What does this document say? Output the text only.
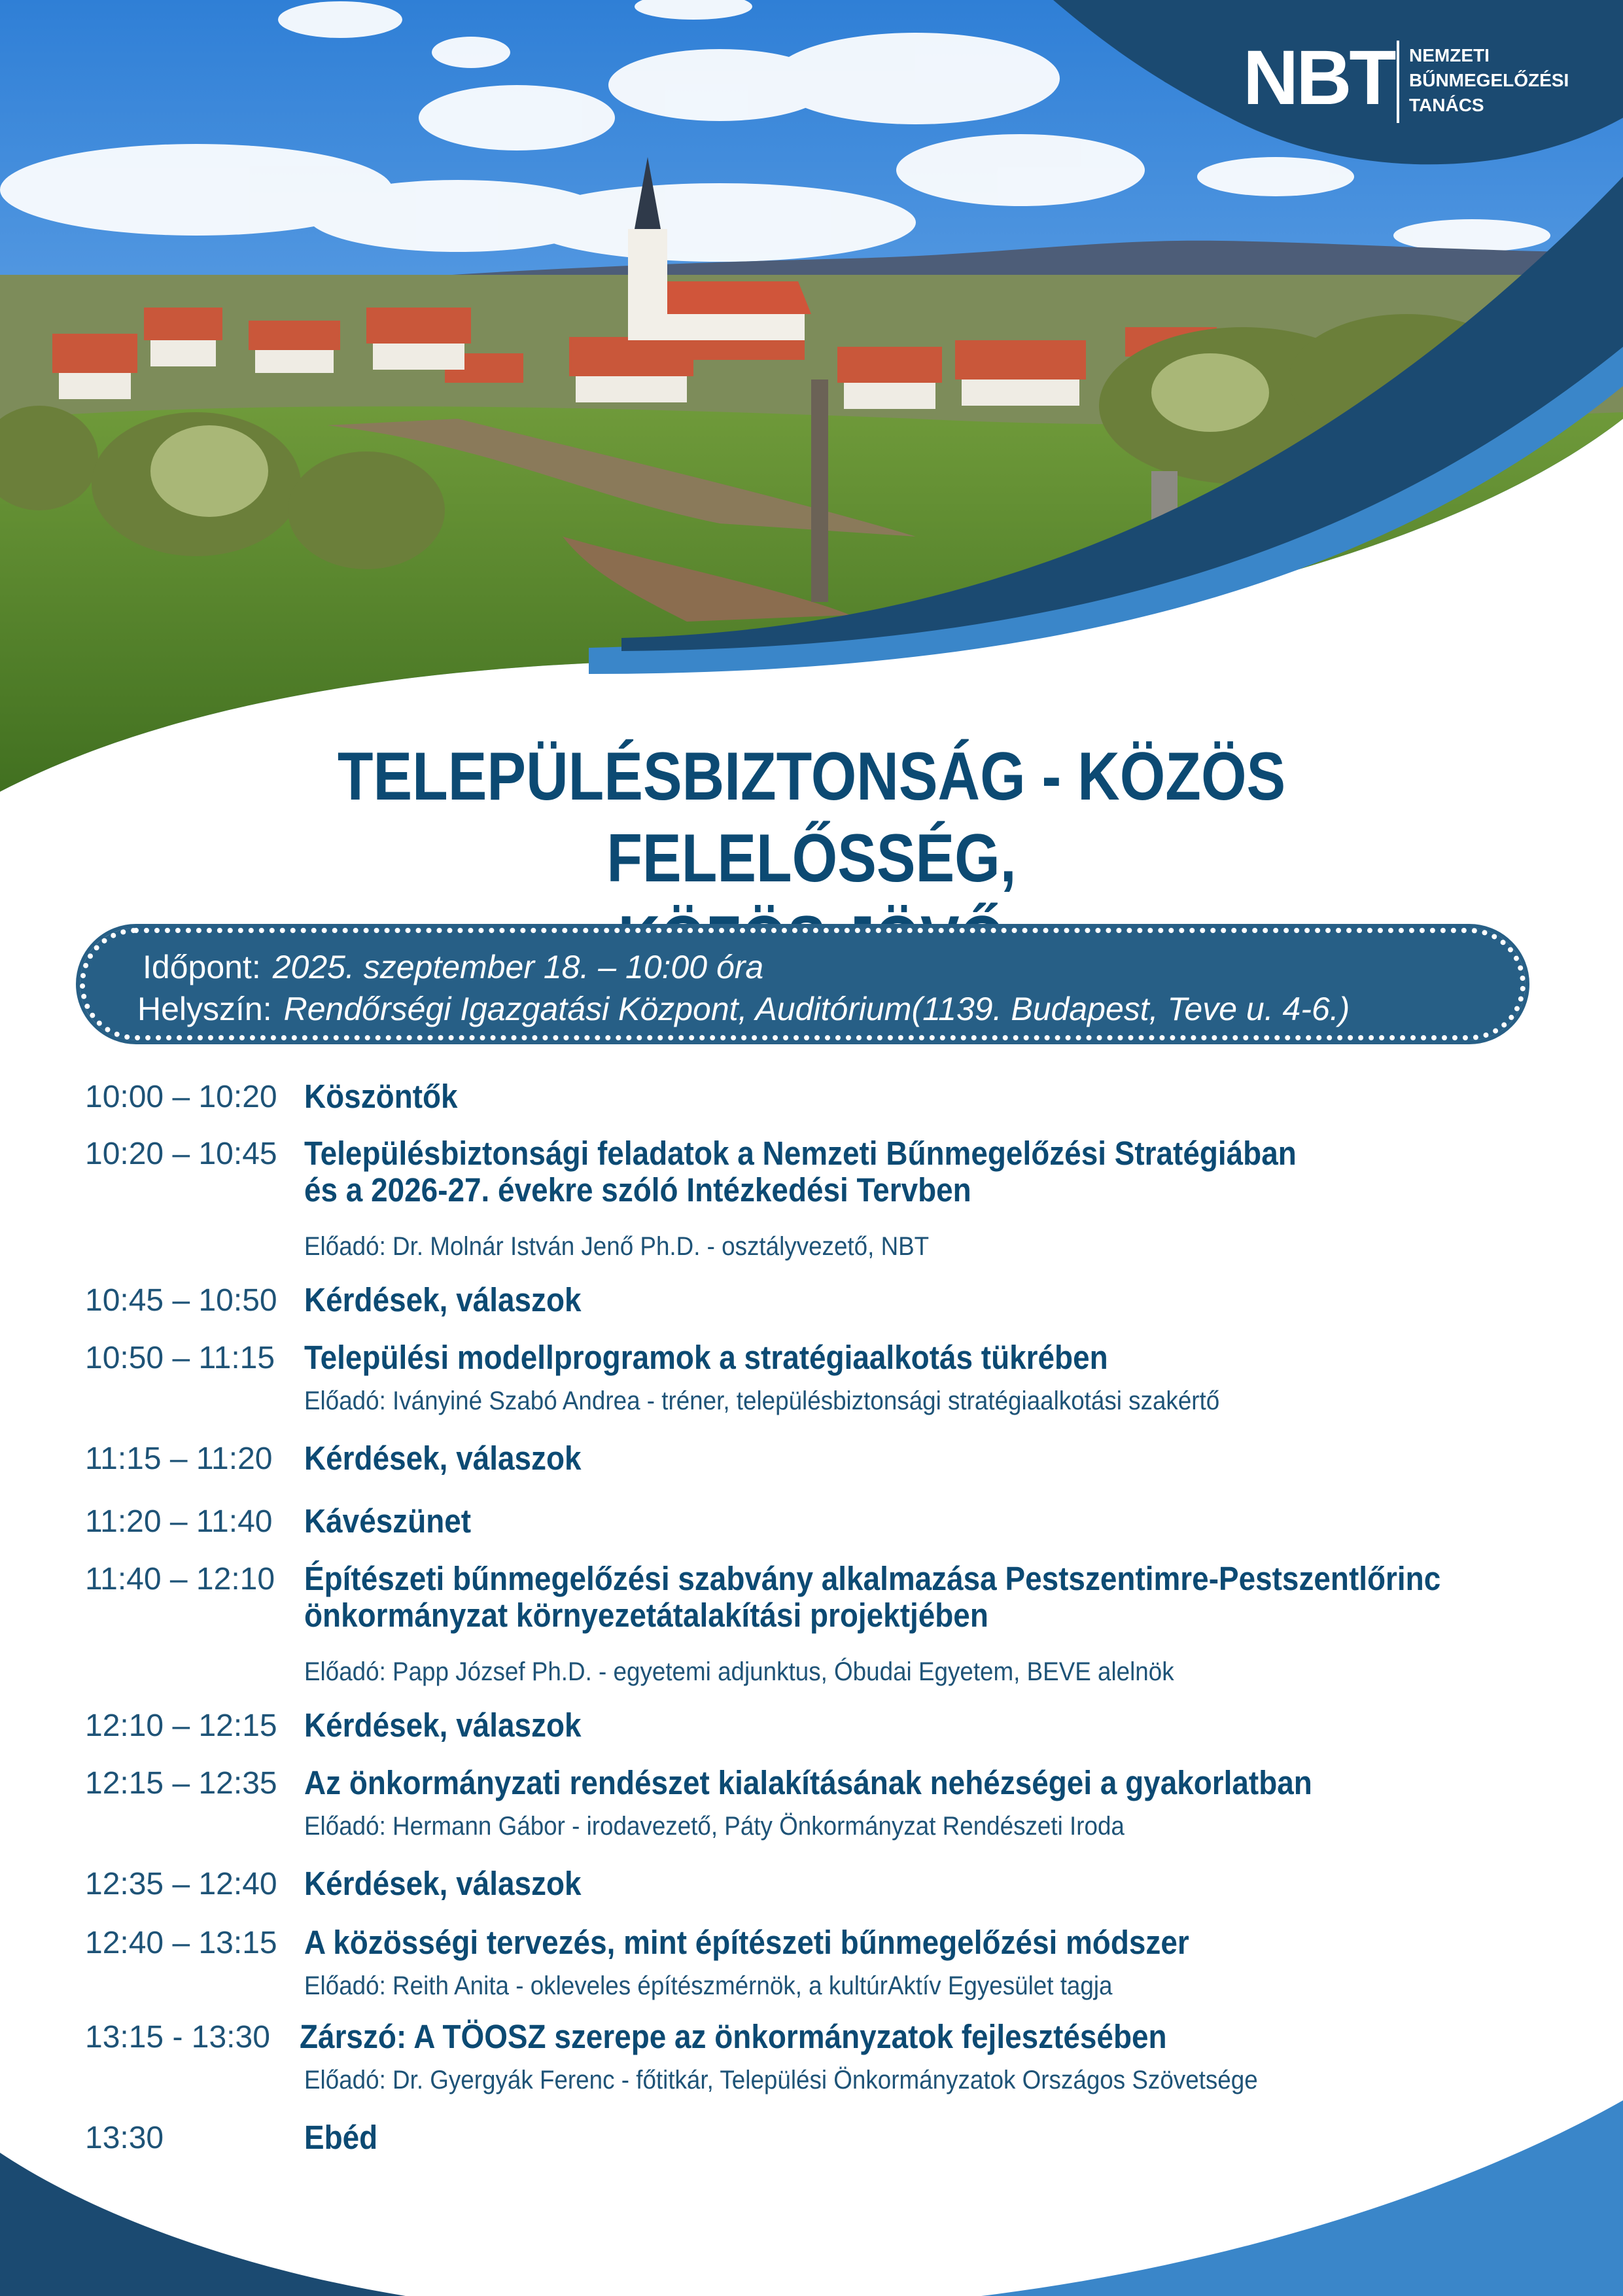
NBT NEMZETI
BŰNMEGELŐZÉSI
TANÁCS
TELEPÜLÉSBIZTONSÁG - KÖZÖS FELELŐSSÉG,
Időpont: 2025. szeptember 18. – 10:00 óra
Helyszín: Rendőrségi Igazgatási Központ, Auditórium(1139. Budapest, Teve u. 4-6.)
10:00 – 10:20 Köszöntők
10:20 – 10:45 Településbiztonsági feladatok a Nemzeti Bűnmegelőzési Stratégiában
és a 2026-27. évekre szóló Intézkedési Tervben
Előadó: Dr. Molnár István Jenő Ph.D. - osztályvezető, NBT
10:45 – 10:50 Kérdések, válaszok
10:50 – 11:15 Települési modellprogramok a stratégiaalkotás tükrében
Előadó: Iványiné Szabó Andrea - tréner, településbiztonsági stratégiaalkotási szakértő
11:15 – 11:20 Kérdések, válaszok
11:20 – 11:40 Kávészünet
11:40 – 12:10 Építészeti bűnmegelőzési szabvány alkalmazása Pestszentimre-Pestszentlőrinc
önkormányzat környezetátalakítási projektjében
Előadó: Papp József Ph.D. - egyetemi adjunktus, Óbudai Egyetem, BEVE alelnök
12:10 – 12:15 Kérdések, válaszok
12:15 – 12:35 Az önkormányzati rendészet kialakításának nehézségei a gyakorlatban
Előadó: Hermann Gábor - irodavezető, Páty Önkormányzat Rendészeti Iroda
12:35 – 12:40 Kérdések, válaszok
12:40 – 13:15 A közösségi tervezés, mint építészeti bűnmegelőzési módszer
Előadó: Reith Anita - okleveles építészmérnök, a kultúrAktív Egyesület tagja
13:15 - 13:30 Zárszó: A TÖOSZ szerepe az önkormányzatok fejlesztésében
Előadó: Dr. Gyergyák Ferenc - főtitkár, Települési Önkormányzatok Országos Szövetsége
13:30	Ebéd
